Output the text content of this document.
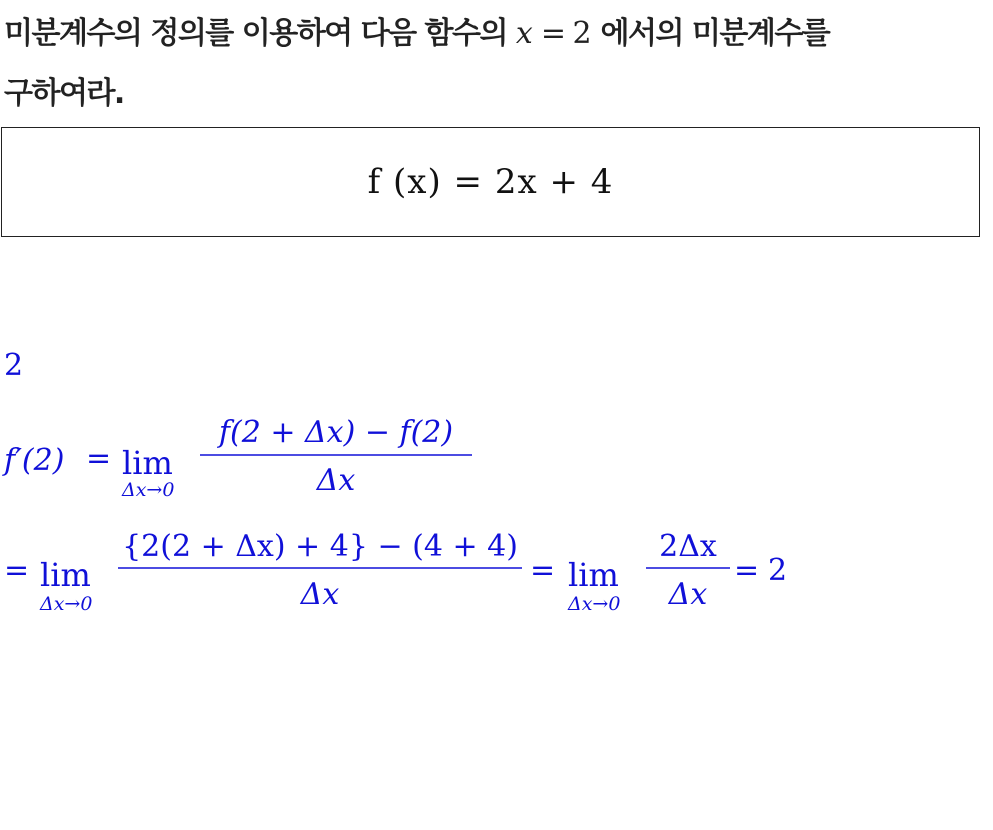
미분계수의 정의를 이용하여 다음 함수의 x = 2 에서의 미분계수를
구하여라.
f (x) = 2x + 4
2
f′(2) = lim
Δx→0
f(2 + Δx) − f(2)
Δx
= lim
Δx→0
{2(2 + Δx) + 4} − (4 + 4)
Δx
= lim
Δx→0
2Δx
Δx
= 2
